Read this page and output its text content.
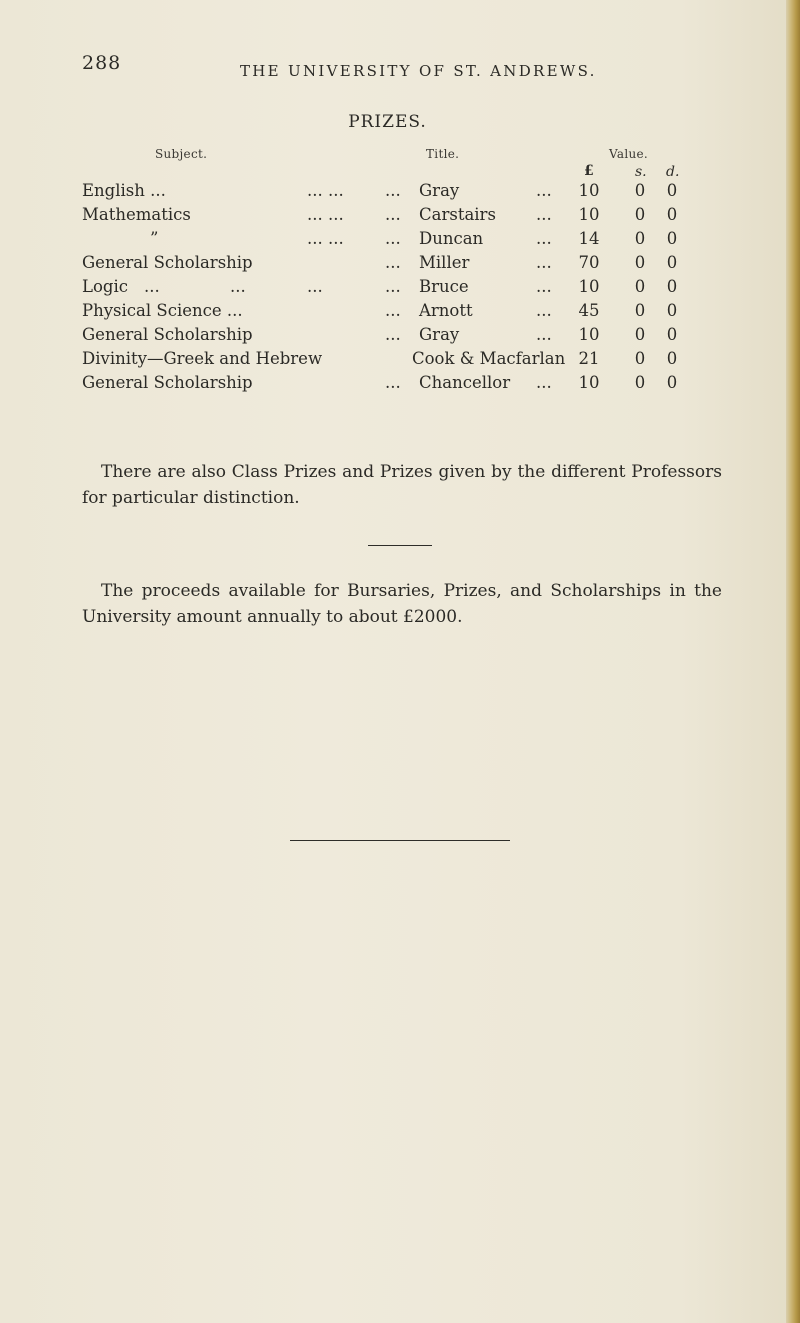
288	THE UNIVERSITY OF ST. ANDREWS.
PRIZES.
Subject.	Title.	Value.
£	s. d.
English ...	... ...	... Gray	...	10	0 0
Mathematics	... ...	... Carstairs ...	10	0 0
”	... ...	... Duncan	...	14	0 0
General Scholarship	... Miller	...	70	0 0
Logic ...	...	...	... Bruce	...	10	0 0
Physical Science ...	... Arnott	...	45	0 0
General Scholarship	... Gray	...	10	0 0
Divinity—Greek and Hebrew	Cook & Macfarlan 21	0 0
General Scholarship	... Chancellor ...	10	0 0

There are also Class Prizes and Prizes given by the different Professors for particular distinction.

The proceeds available for Bursaries, Prizes, and Scholarships in the University amount annually to about £2000.
